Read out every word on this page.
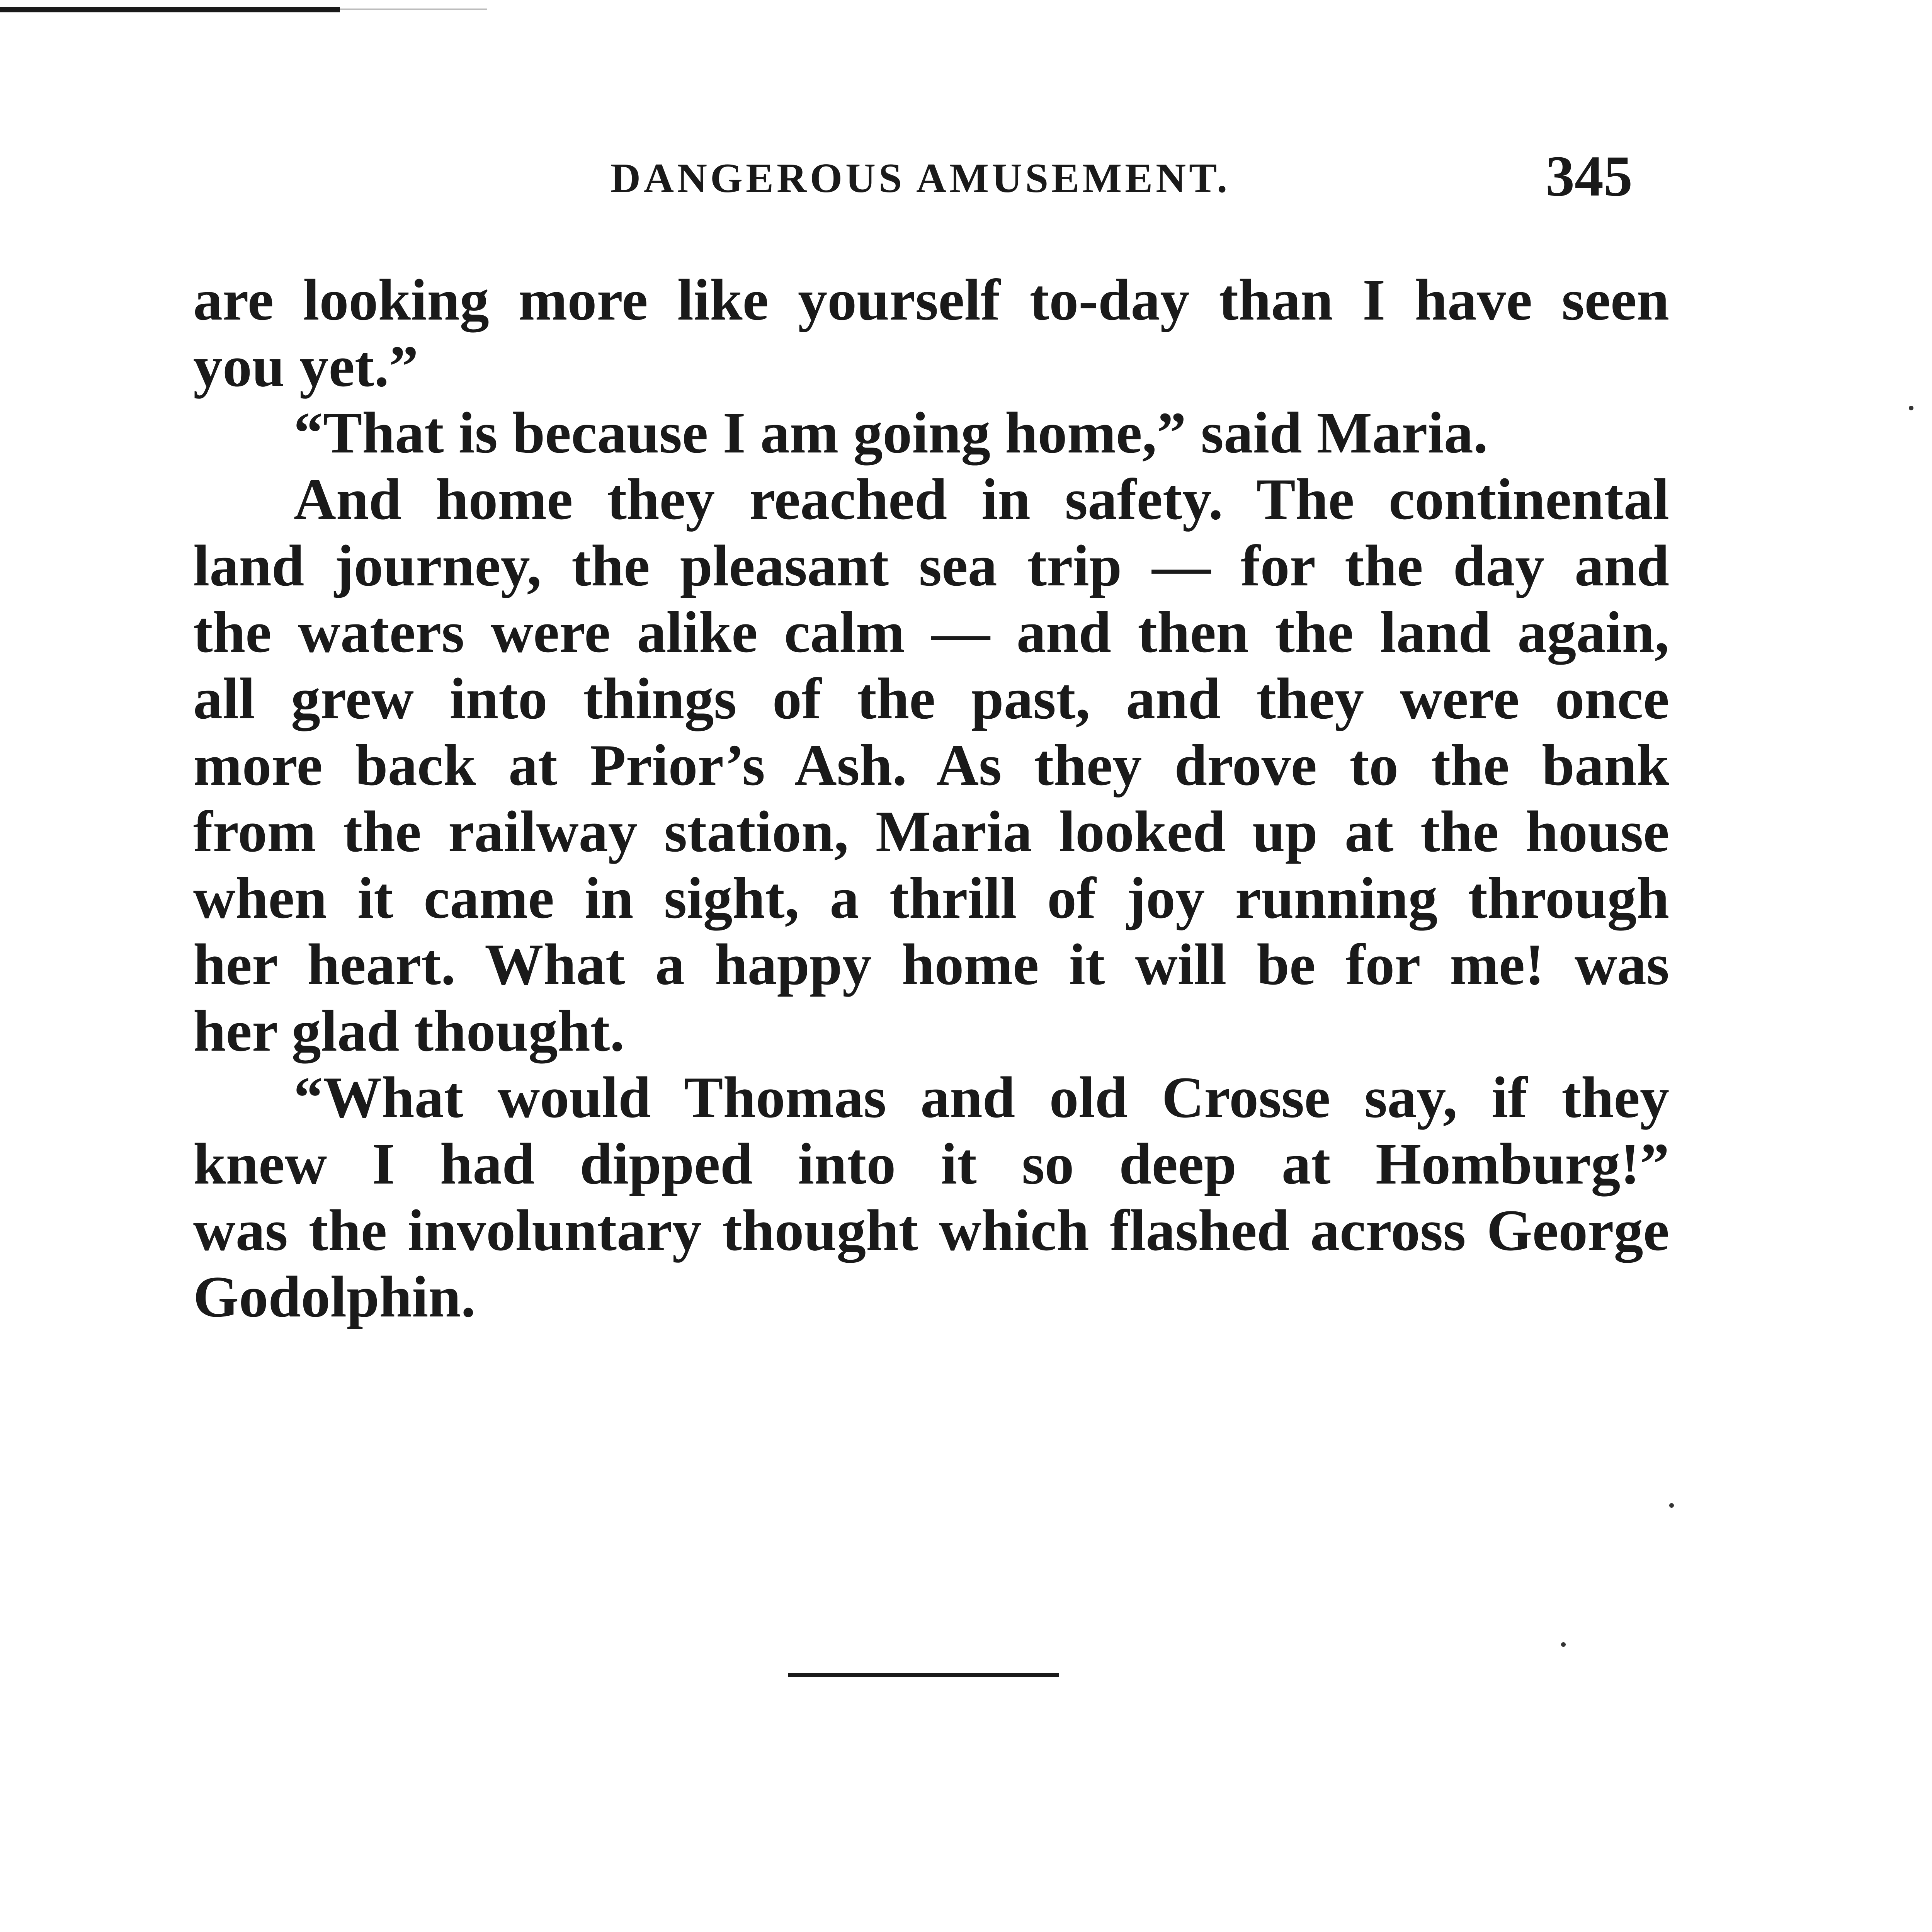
DANGEROUS AMUSEMENT.	345
are looking more like yourself to-day than I have seen
you yet.”
“That is because I am going home,” said Maria.
And home they reached in safety. The continental
land journey, the pleasant sea trip — for the day and
the waters were alike calm — and then the land again,
all grew into things of the past, and they were once
more back at Prior’s Ash. As they drove to the bank
from the railway station, Maria looked up at the house
when it came in sight, a thrill of joy running through
her heart. What a happy home it will be for me! was
her glad thought.
“What would Thomas and old Crosse say, if they
knew I had dipped into it so deep at Homburg!”
was the involuntary thought which flashed across George
Godolphin.
